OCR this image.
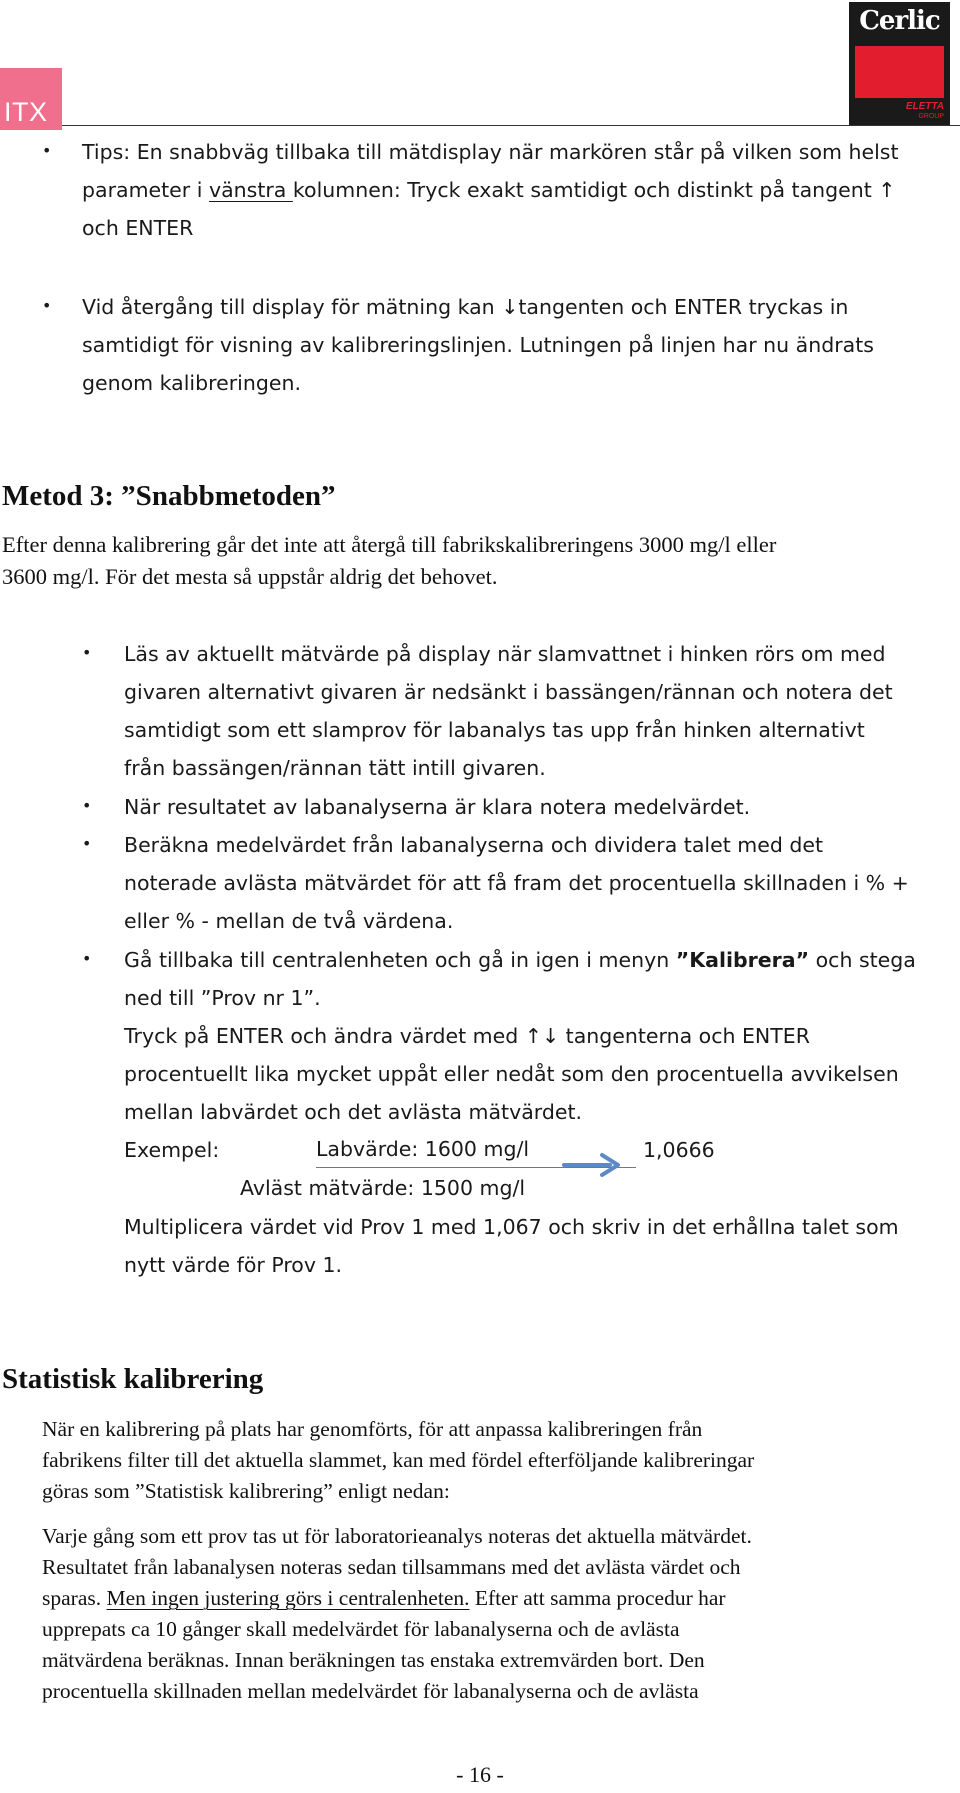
ITX
Cerlic
ELETTA
GROUP
• Tips: En snabbväg tillbaka till mätdisplay när markören står på vilken som helst
parameter i vänstra kolumnen: Tryck exakt samtidigt och distinkt på tangent ↑
och ENTER
• Vid återgång till display för mätning kan ↓tangenten och ENTER tryckas in
samtidigt för visning av kalibreringslinjen. Lutningen på linjen har nu ändrats
genom kalibreringen.
Metod 3: ”Snabbmetoden”
Efter denna kalibrering går det inte att återgå till fabrikskalibreringens 3000 mg/l eller
3600 mg/l. För det mesta så uppstår aldrig det behovet.
• Läs av aktuellt mätvärde på display när slamvattnet i hinken rörs om med
givaren alternativt givaren är nedsänkt i bassängen/rännan och notera det
samtidigt som ett slamprov för labanalys tas upp från hinken alternativt
från bassängen/rännan tätt intill givaren.
• När resultatet av labanalyserna är klara notera medelvärdet.
• Beräkna medelvärdet från labanalyserna och dividera talet med det
noterade avlästa mätvärdet för att få fram det procentuella skillnaden i % +
eller % - mellan de två värdena.
• Gå tillbaka till centralenheten och gå in igen i menyn ”Kalibrera” och stega
ned till ”Prov nr 1”.
Tryck på ENTER och ändra värdet med ↑↓ tangenterna och ENTER
procentuellt lika mycket uppåt eller nedåt som den procentuella avvikelsen
mellan labvärdet och det avlästa mätvärdet.
Exempel:	Labvärde: 1600 mg/l	1,0666
Avläst mätvärde: 1500 mg/l
Multiplicera värdet vid Prov 1 med 1,067 och skriv in det erhållna talet som
nytt värde för Prov 1.
Statistisk kalibrering
När en kalibrering på plats har genomförts, för att anpassa kalibreringen från
fabrikens filter till det aktuella slammet, kan med fördel efterföljande kalibreringar
göras som ”Statistisk kalibrering” enligt nedan:
Varje gång som ett prov tas ut för laboratorieanalys noteras det aktuella mätvärdet.
Resultatet från labanalysen noteras sedan tillsammans med det avlästa värdet och
sparas. Men ingen justering görs i centralenheten. Efter att samma procedur har
upprepats ca 10 gånger skall medelvärdet för labanalyserna och de avlästa
mätvärdena beräknas. Innan beräkningen tas enstaka extremvärden bort. Den
procentuella skillnaden mellan medelvärdet för labanalyserna och de avlästa
- 16 -
